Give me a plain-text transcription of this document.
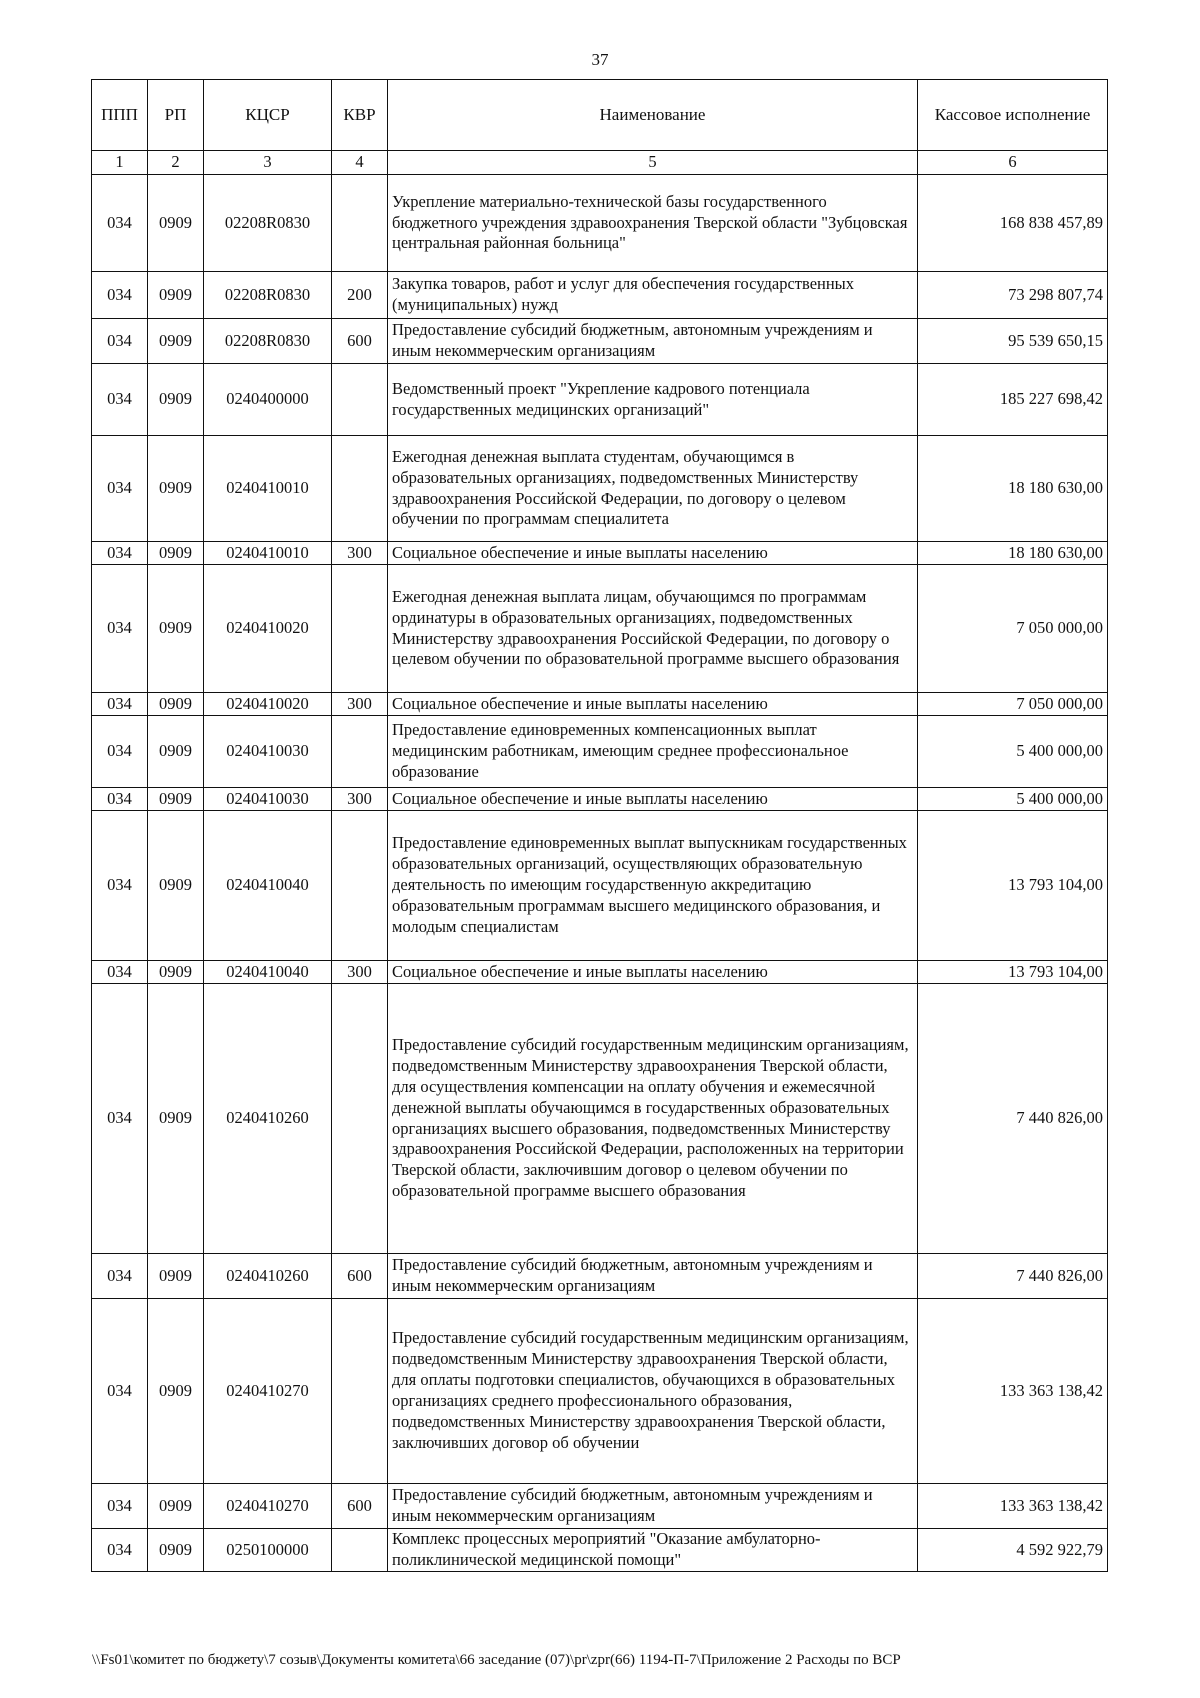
37
ППП	РП	КЦСР	КВР	Наименование	Кассовое исполнение
1	2	3	4	5	6
034	0909	02208R0830		Укрепление материально-технической базы государственного бюджетного учреждения здравоохранения Тверской области "Зубцовская центральная районная больница"	168 838 457,89
034	0909	02208R0830	200	Закупка товаров, работ и услуг для обеспечения государственных (муниципальных) нужд	73 298 807,74
034	0909	02208R0830	600	Предоставление субсидий бюджетным, автономным учреждениям и иным некоммерческим организациям	95 539 650,15
034	0909	0240400000		Ведомственный проект "Укрепление кадрового потенциала государственных медицинских организаций"	185 227 698,42
034	0909	0240410010		Ежегодная денежная выплата студентам, обучающимся в образовательных организациях, подведомственных Министерству здравоохранения Российской Федерации, по договору о целевом обучении по программам специалитета	18 180 630,00
034	0909	0240410010	300	Социальное обеспечение и иные выплаты населению	18 180 630,00
034	0909	0240410020		Ежегодная денежная выплата лицам, обучающимся по программам ординатуры в образовательных организациях, подведомственных Министерству здравоохранения Российской Федерации, по договору о целевом обучении по образовательной программе высшего образования	7 050 000,00
034	0909	0240410020	300	Социальное обеспечение и иные выплаты населению	7 050 000,00
034	0909	0240410030		Предоставление единовременных компенсационных выплат медицинским работникам, имеющим среднее профессиональное образование	5 400 000,00
034	0909	0240410030	300	Социальное обеспечение и иные выплаты населению	5 400 000,00
034	0909	0240410040		Предоставление единовременных выплат выпускникам государственных образовательных организаций, осуществляющих образовательную деятельность по имеющим государственную аккредитацию образовательным программам высшего медицинского образования, и молодым специалистам	13 793 104,00
034	0909	0240410040	300	Социальное обеспечение и иные выплаты населению	13 793 104,00
034	0909	0240410260		Предоставление субсидий государственным медицинским организациям, подведомственным Министерству здравоохранения Тверской области, для осуществления компенсации на оплату обучения и ежемесячной денежной выплаты обучающимся в государственных образовательных организациях высшего образования, подведомственных Министерству здравоохранения Российской Федерации, расположенных на территории Тверской области, заключившим договор о целевом обучении по образовательной программе высшего образования	7 440 826,00
034	0909	0240410260	600	Предоставление субсидий бюджетным, автономным учреждениям и иным некоммерческим организациям	7 440 826,00
034	0909	0240410270		Предоставление субсидий государственным медицинским организациям, подведомственным Министерству здравоохранения Тверской области, для оплаты подготовки специалистов, обучающихся в образовательных организациях среднего профессионального образования, подведомственных Министерству здравоохранения Тверской области, заключивших договор об обучении	133 363 138,42
034	0909	0240410270	600	Предоставление субсидий бюджетным, автономным учреждениям и иным некоммерческим организациям	133 363 138,42
034	0909	0250100000		Комплекс процессных мероприятий "Оказание амбулаторно-поликлинической медицинской помощи"	4 592 922,79
\\Fs01\комитет по бюджету\7 созыв\Документы комитета\66 заседание (07)\pr\zpr(66) 1194-П-7\Приложение 2 Расходы по ВСР
